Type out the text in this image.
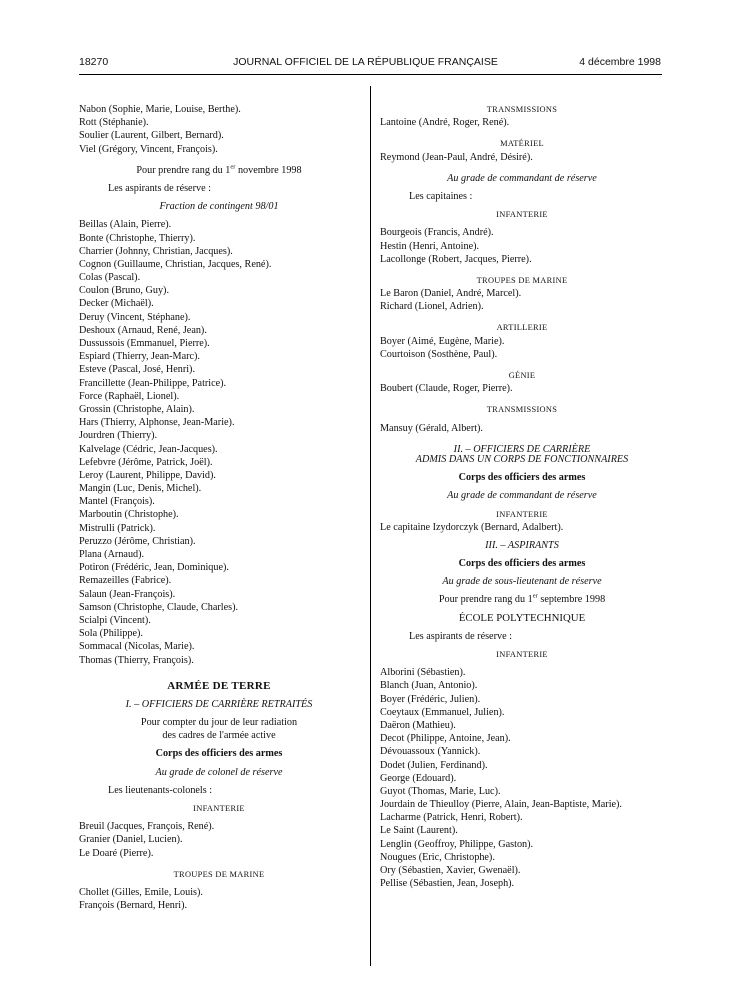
18270	JOURNAL OFFICIEL DE LA RÉPUBLIQUE FRANÇAISE	4 décembre 1998
Nabon (Sophie, Marie, Louise, Berthe).
Rott (Stéphanie).
Soulier (Laurent, Gilbert, Bernard).
Viel (Grégory, Vincent, François).
Pour prendre rang du 1er novembre 1998
Les aspirants de réserve :
Fraction de contingent 98/01
Beillas (Alain, Pierre).
Bonte (Christophe, Thierry).
Charrier (Johnny, Christian, Jacques).
Cognon (Guillaume, Christian, Jacques, René).
Colas (Pascal).
Coulon (Bruno, Guy).
Decker (Michaël).
Deruy (Vincent, Stéphane).
Deshoux (Arnaud, René, Jean).
Dussussois (Emmanuel, Pierre).
Espiard (Thierry, Jean-Marc).
Esteve (Pascal, José, Henri).
Francillette (Jean-Philippe, Patrice).
Force (Raphaël, Lionel).
Grossin (Christophe, Alain).
Hars (Thierry, Alphonse, Jean-Marie).
Jourdren (Thierry).
Kalvelage (Cédric, Jean-Jacques).
Lefebvre (Jérôme, Patrick, Joël).
Leroy (Laurent, Philippe, David).
Mangin (Luc, Denis, Michel).
Mantel (François).
Marboutin (Christophe).
Mistrulli (Patrick).
Peruzzo (Jérôme, Christian).
Plana (Arnaud).
Potiron (Frédéric, Jean, Dominique).
Remazeilles (Fabrice).
Salaun (Jean-François).
Samson (Christophe, Claude, Charles).
Scialpi (Vincent).
Sola (Philippe).
Sommacal (Nicolas, Marie).
Thomas (Thierry, François).
ARMÉE DE TERRE
I. – OFFICIERS DE CARRIÈRE RETRAITÉS
Pour compter du jour de leur radiation
des cadres de l'armée active
Corps des officiers des armes
Au grade de colonel de réserve
Les lieutenants-colonels :
INFANTERIE
Breuil (Jacques, François, René).
Granier (Daniel, Lucien).
Le Doaré (Pierre).
TROUPES DE MARINE
Chollet (Gilles, Emile, Louis).
François (Bernard, Henri).
TRANSMISSIONS
Lantoine (André, Roger, René).
MATÉRIEL
Reymond (Jean-Paul, André, Désiré).
Au grade de commandant de réserve
Les capitaines :
INFANTERIE
Bourgeois (Francis, André).
Hestin (Henri, Antoine).
Lacollonge (Robert, Jacques, Pierre).
TROUPES DE MARINE
Le Baron (Daniel, André, Marcel).
Richard (Lionel, Adrien).
ARTILLERIE
Boyer (Aimé, Eugène, Marie).
Courtoison (Sosthène, Paul).
GÉNIE
Boubert (Claude, Roger, Pierre).
TRANSMISSIONS
Mansuy (Gérald, Albert).
II. – OFFICIERS DE CARRIÈRE
ADMIS DANS UN CORPS DE FONCTIONNAIRES
Corps des officiers des armes
Au grade de commandant de réserve
INFANTERIE
Le capitaine Izydorczyk (Bernard, Adalbert).
III. – ASPIRANTS
Corps des officiers des armes
Au grade de sous-lieutenant de réserve
Pour prendre rang du 1er septembre 1998
ÉCOLE POLYTECHNIQUE
Les aspirants de réserve :
INFANTERIE
Alborini (Sébastien).
Blanch (Juan, Antonio).
Boyer (Frédéric, Julien).
Coeytaux (Emmanuel, Julien).
Daëron (Mathieu).
Decot (Philippe, Antoine, Jean).
Dévouassoux (Yannick).
Dodet (Julien, Ferdinand).
George (Edouard).
Guyot (Thomas, Marie, Luc).
Jourdain de Thieulloy (Pierre, Alain, Jean-Baptiste, Marie).
Lacharme (Patrick, Henri, Robert).
Le Saint (Laurent).
Lenglin (Geoffroy, Philippe, Gaston).
Nougues (Eric, Christophe).
Ory (Sébastien, Xavier, Gwenaël).
Pellise (Sébastien, Jean, Joseph).
